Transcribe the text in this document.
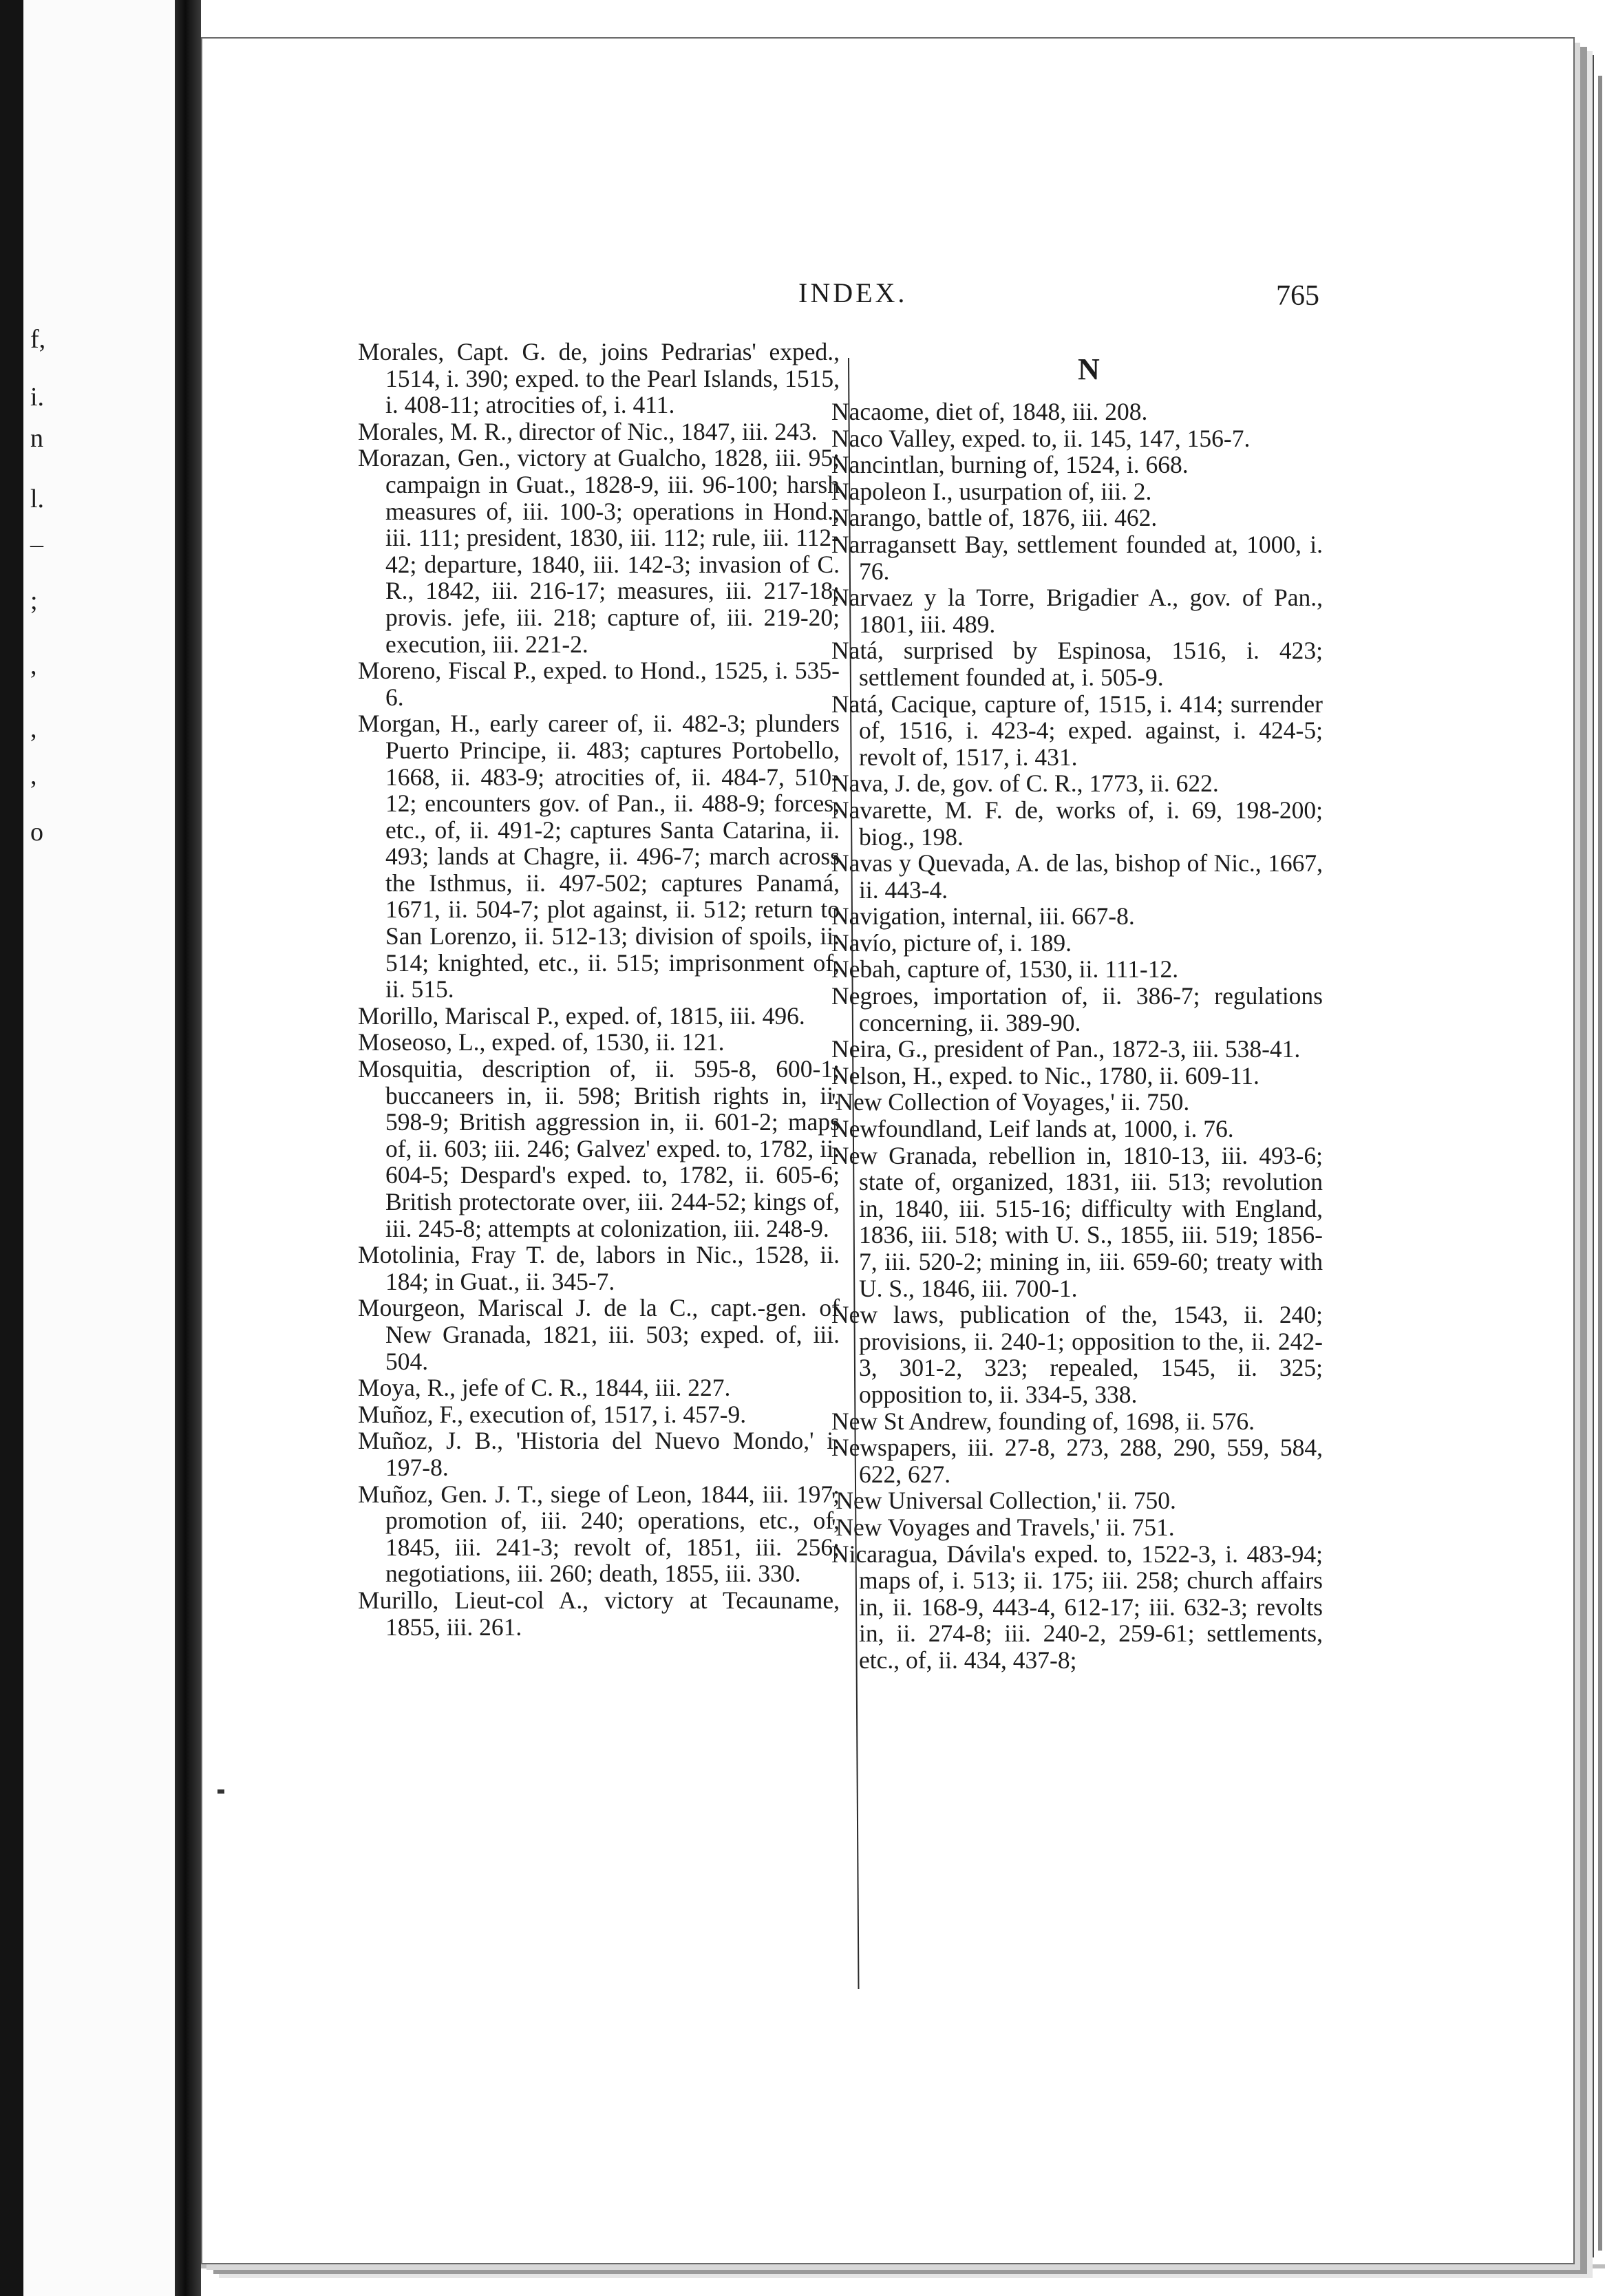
f,
i.
n
l.
–
;
,
,
,
o
INDEX.	765
Morales, Capt. G. de, joins Pedrarias' exped., 1514, i. 390; exped. to the Pearl Islands, 1515, i. 408-11; atrocities of, i. 411.
Morales, M. R., director of Nic., 1847, iii. 243.
Morazan, Gen., victory at Gualcho, 1828, iii. 95; campaign in Guat., 1828-9, iii. 96-100; harsh measures of, iii. 100-3; operations in Hond., iii. 111; president, 1830, iii. 112; rule, iii. 112-42; departure, 1840, iii. 142-3; invasion of C. R., 1842, iii. 216-17; measures, iii. 217-18; provis. jefe, iii. 218; capture of, iii. 219-20; execution, iii. 221-2.
Moreno, Fiscal P., exped. to Hond., 1525, i. 535-6.
Morgan, H., early career of, ii. 482-3; plunders Puerto Principe, ii. 483; captures Portobello, 1668, ii. 483-9; atrocities of, ii. 484-7, 510-12; encounters gov. of Pan., ii. 488-9; forces, etc., of, ii. 491-2; captures Santa Catarina, ii. 493; lands at Chagre, ii. 496-7; march across the Isthmus, ii. 497-502; captures Panamá, 1671, ii. 504-7; plot against, ii. 512; return to San Lorenzo, ii. 512-13; division of spoils, ii. 514; knighted, etc., ii. 515; imprisonment of, ii. 515.
Morillo, Mariscal P., exped. of, 1815, iii. 496.
Moseoso, L., exped. of, 1530, ii. 121.
Mosquitia, description of, ii. 595-8, 600-1; buccaneers in, ii. 598; British rights in, ii. 598-9; British aggression in, ii. 601-2; maps of, ii. 603; iii. 246; Galvez' exped. to, 1782, ii. 604-5; Despard's exped. to, 1782, ii. 605-6; British protectorate over, iii. 244-52; kings of, iii. 245-8; attempts at colonization, iii. 248-9.
Motolinia, Fray T. de, labors in Nic., 1528, ii. 184; in Guat., ii. 345-7.
Mourgeon, Mariscal J. de la C., capt.-gen. of New Granada, 1821, iii. 503; exped. of, iii. 504.
Moya, R., jefe of C. R., 1844, iii. 227.
Muñoz, F., execution of, 1517, i. 457-9.
Muñoz, J. B., 'Historia del Nuevo Mondo,' i. 197-8.
Muñoz, Gen. J. T., siege of Leon, 1844, iii. 197; promotion of, iii. 240; operations, etc., of, 1845, iii. 241-3; revolt of, 1851, iii. 256; negotiations, iii. 260; death, 1855, iii. 330.
Murillo, Lieut-col A., victory at Tecauname, 1855, iii. 261.
N
Nacaome, diet of, 1848, iii. 208.
Naco Valley, exped. to, ii. 145, 147, 156-7.
Nancintlan, burning of, 1524, i. 668.
Napoleon I., usurpation of, iii. 2.
Narango, battle of, 1876, iii. 462.
Narragansett Bay, settlement founded at, 1000, i. 76.
Narvaez y la Torre, Brigadier A., gov. of Pan., 1801, iii. 489.
Natá, surprised by Espinosa, 1516, i. 423; settlement founded at, i. 505-9.
Natá, Cacique, capture of, 1515, i. 414; surrender of, 1516, i. 423-4; exped. against, i. 424-5; revolt of, 1517, i. 431.
Nava, J. de, gov. of C. R., 1773, ii. 622.
Navarette, M. F. de, works of, i. 69, 198-200; biog., 198.
Navas y Quevada, A. de las, bishop of Nic., 1667, ii. 443-4.
Navigation, internal, iii. 667-8.
Navío, picture of, i. 189.
Nebah, capture of, 1530, ii. 111-12.
Negroes, importation of, ii. 386-7; regulations concerning, ii. 389-90.
Neira, G., president of Pan., 1872-3, iii. 538-41.
Nelson, H., exped. to Nic., 1780, ii. 609-11.
'New Collection of Voyages,' ii. 750.
Newfoundland, Leif lands at, 1000, i. 76.
New Granada, rebellion in, 1810-13, iii. 493-6; state of, organized, 1831, iii. 513; revolution in, 1840, iii. 515-16; difficulty with England, 1836, iii. 518; with U. S., 1855, iii. 519; 1856-7, iii. 520-2; mining in, iii. 659-60; treaty with U. S., 1846, iii. 700-1.
New laws, publication of the, 1543, ii. 240; provisions, ii. 240-1; opposition to the, ii. 242-3, 301-2, 323; repealed, 1545, ii. 325; opposition to, ii. 334-5, 338.
New St Andrew, founding of, 1698, ii. 576.
Newspapers, iii. 27-8, 273, 288, 290, 559, 584, 622, 627.
'New Universal Collection,' ii. 750.
'New Voyages and Travels,' ii. 751.
Nicaragua, Dávila's exped. to, 1522-3, i. 483-94; maps of, i. 513; ii. 175; iii. 258; church affairs in, ii. 168-9, 443-4, 612-17; iii. 632-3; revolts in, ii. 274-8; iii. 240-2, 259-61; settlements, etc., of, ii. 434, 437-8;
